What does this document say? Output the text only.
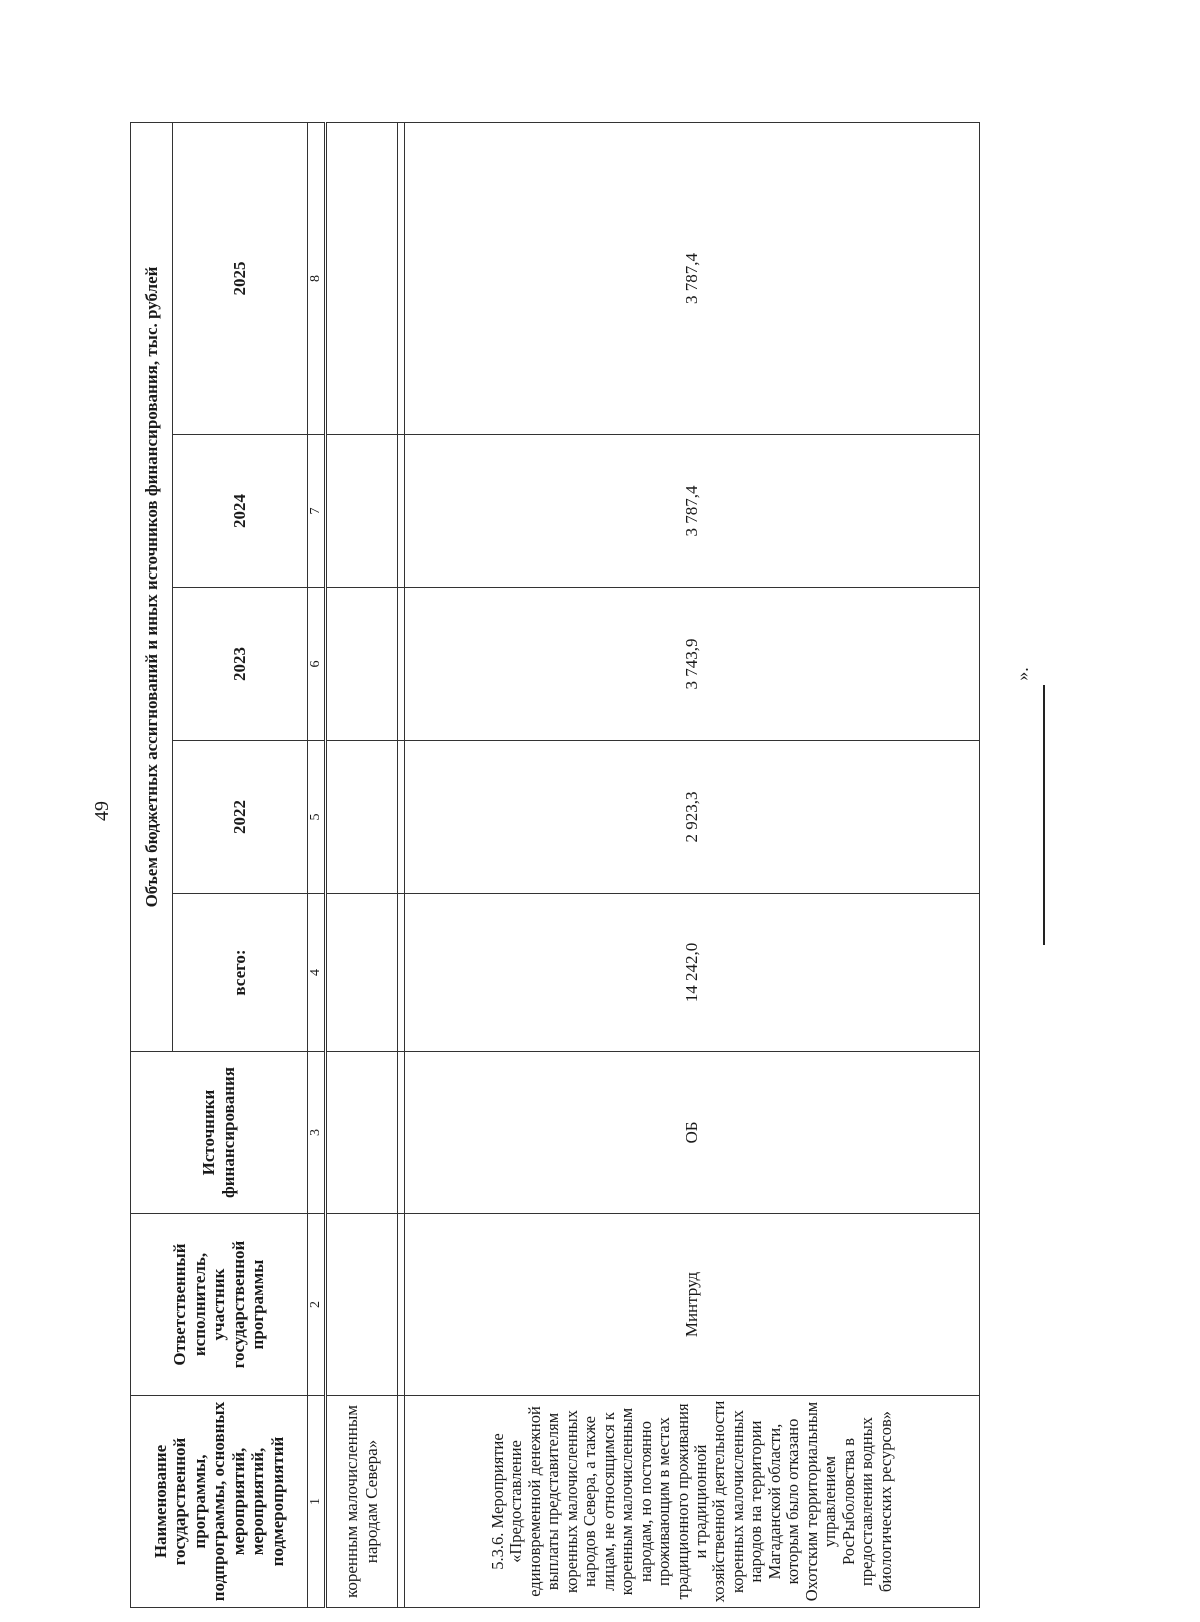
49
Наименование государственной программы, подпрограммы, основных мероприятий, мероприятий, подмероприятий	Ответственный исполнитель, участник государственной программы	Источники финансирования	Объем бюджетных ассигнований и иных источников финансирования, тыс. рублей				
			всего:	2022	2023	2024	2025
1	2	3	4	5	6	7	8
коренным малочисленным народам Севера»							

5.3.6. Мероприятие «Предоставление единовременной денежной выплаты представителям коренных малочисленных народов Севера, а также лицам, не относящимся к коренным малочисленным народам, но постоянно проживающим в местах традиционного проживания и традиционной хозяйственной деятельности коренных малочисленных народов на территории Магаданской области, которым было отказано Охотским территориальным управлением РосРыболовства в предоставлении водных биологических ресурсов»	Минтруд	ОБ	14 242,0	2 923,3	3 743,9	3 787,4	3 787,4
».
